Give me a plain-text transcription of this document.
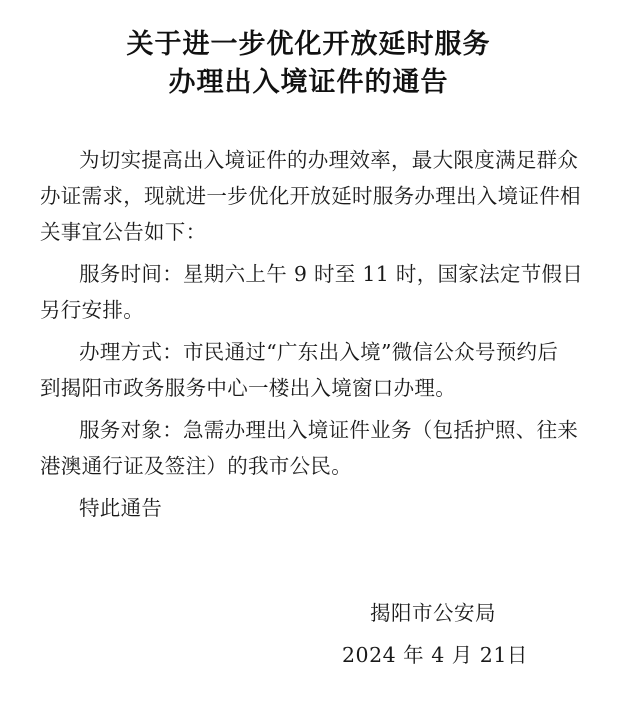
关于进一步优化开放延时服务
办理出入境证件的通告
为切实提高出入境证件的办理效率，最大限度满足群众
办证需求，现就进一步优化开放延时服务办理出入境证件相
关事宜公告如下：
服务时间：星期六上午 9 时至 11 时，国家法定节假日
另行安排。
办理方式：市民通过“广东出入境”微信公众号预约后
到揭阳市政务服务中心一楼出入境窗口办理。
服务对象：急需办理出入境证件业务（包括护照、往来
港澳通行证及签注）的我市公民。
特此通告
揭阳市公安局
2024 年 4 月 21日
